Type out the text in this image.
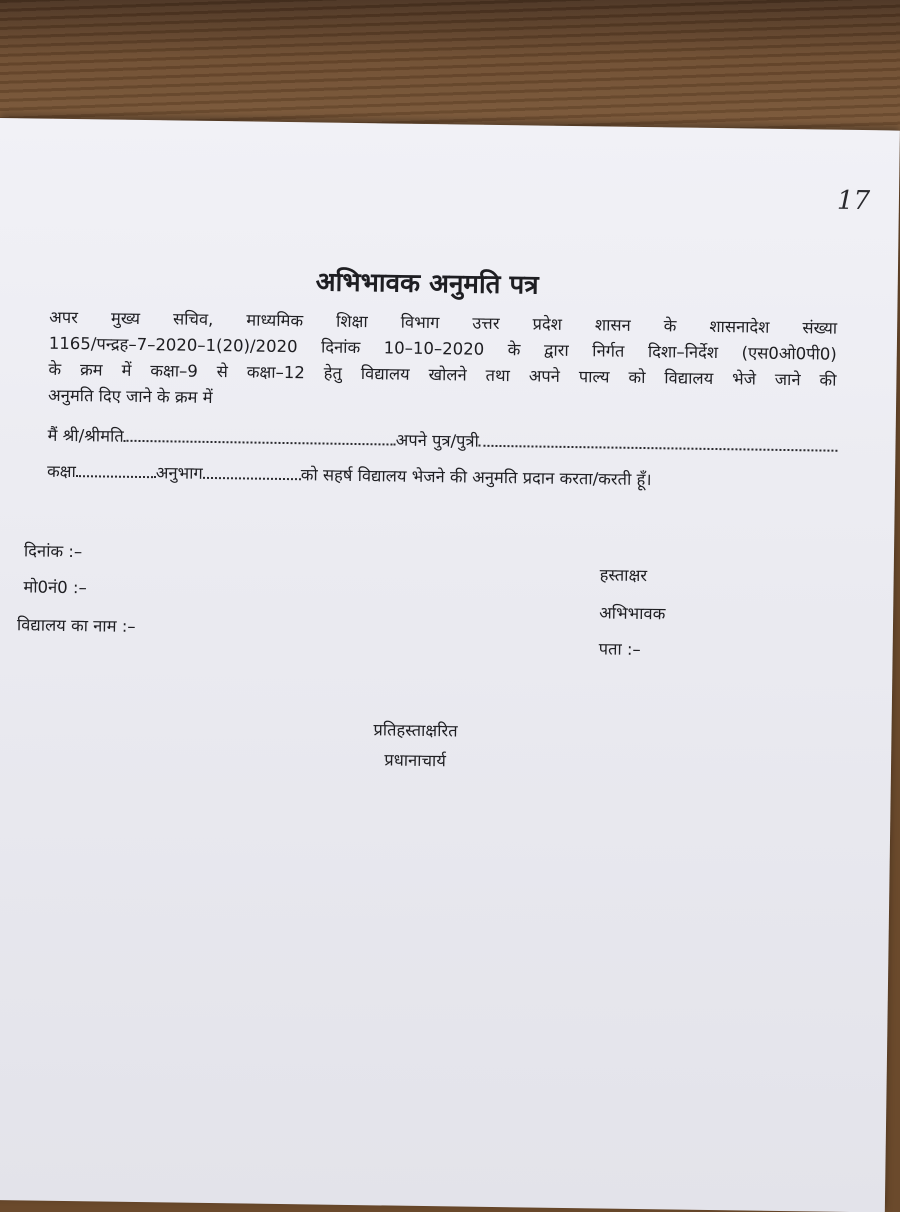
17
अभिभावक अनुमति पत्र

अपर मुख्य सचिव, माध्यमिक शिक्षा विभाग उत्तर प्रदेश शासन के शासनादेश संख्या
1165/पन्द्रह–7–2020–1(20)/2020 दिनांक 10–10–2020 के द्वारा निर्गत दिशा–निर्देश (एस0ओ0पी0)
के क्रम में कक्षा–9 से कक्षा–12 हेतु विद्यालय खोलने तथा अपने पाल्य को विद्यालय भेजे जाने की
अनुमति दिए जाने के क्रम में

मैं श्री/श्रीमति	अपने पुत्र/पुत्री
कक्षा	अनुभाग	को सहर्ष विद्यालय भेजने की अनुमति प्रदान करता/करती हूँ।
दिनांक :–
मो0नं0 :–
विद्यालय का नाम :–
हस्ताक्षर
अभिभावक
पता :–
प्रतिहस्ताक्षरित
प्रधानाचार्य
